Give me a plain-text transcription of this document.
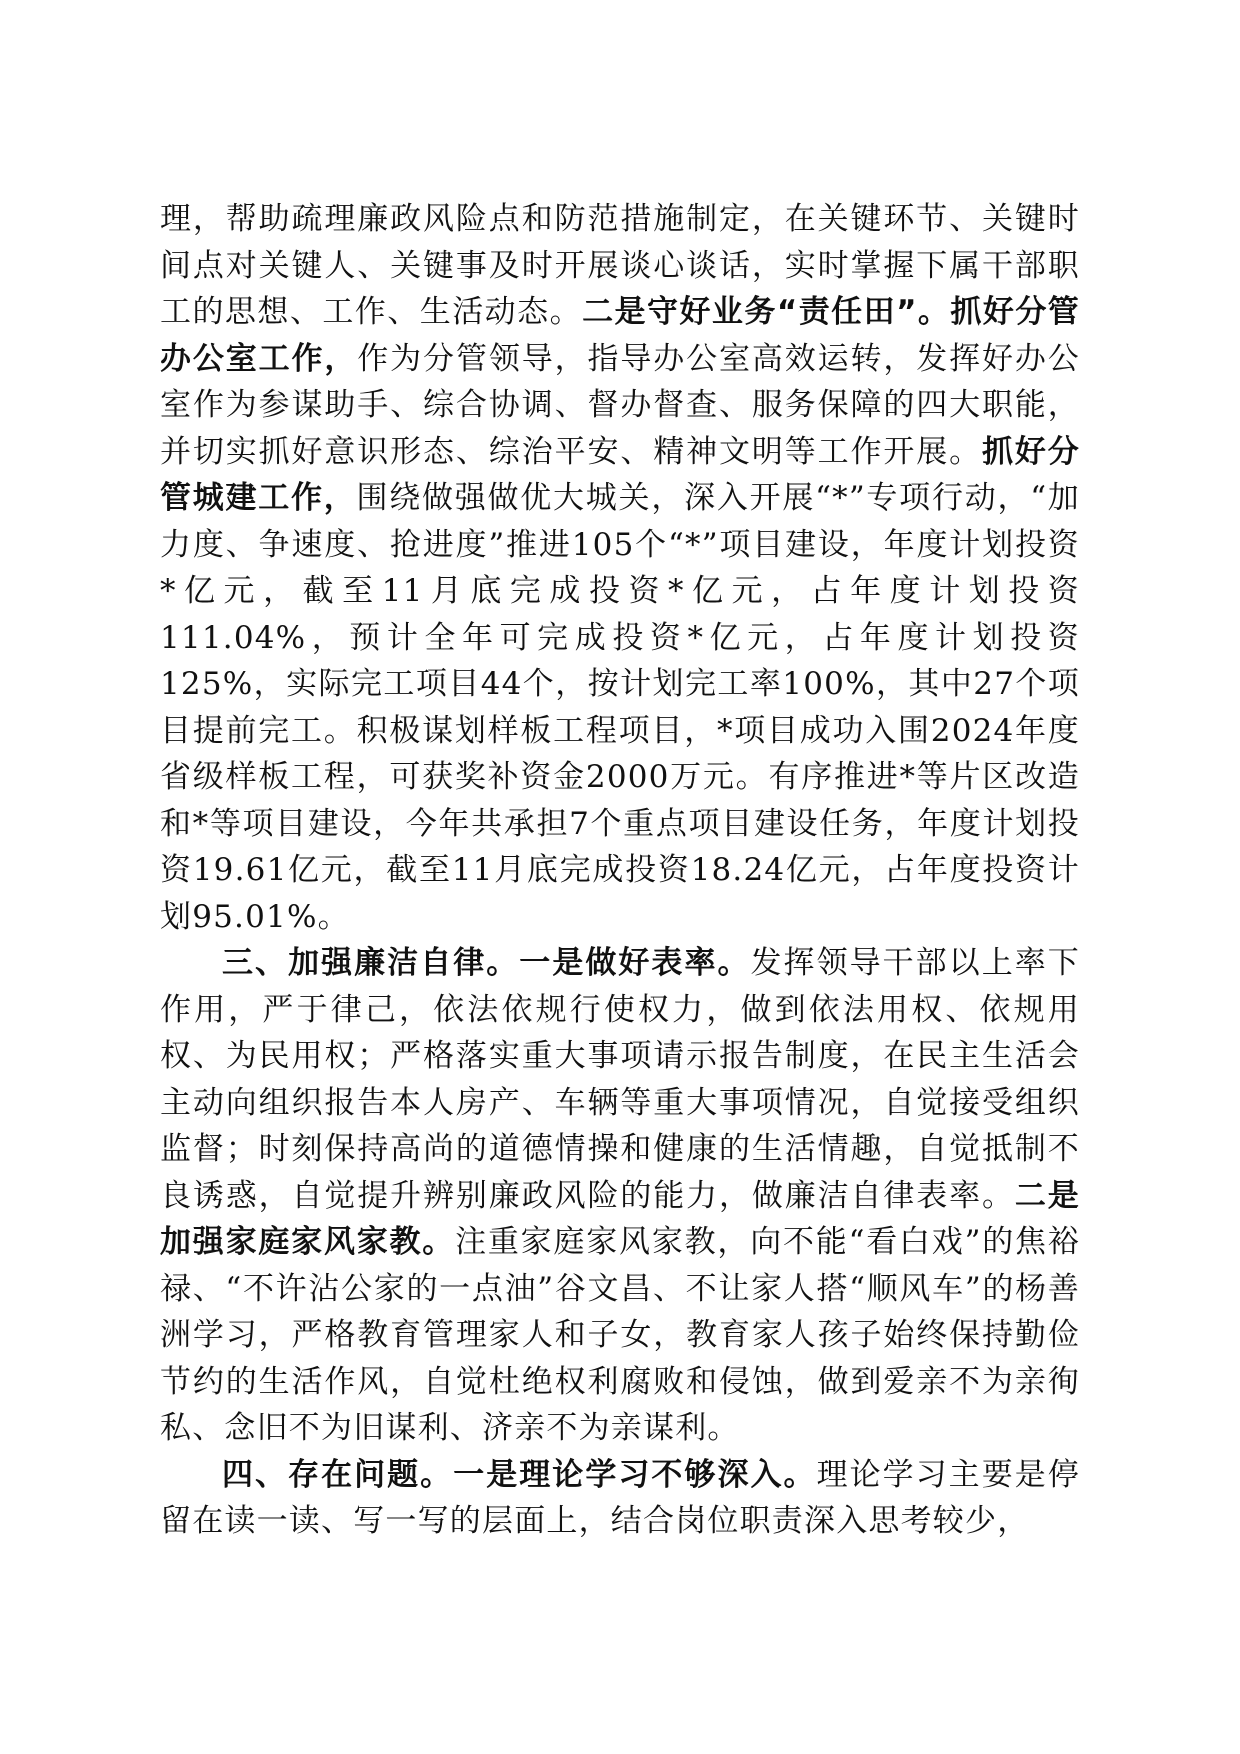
理，帮助疏理廉政风险点和防范措施制定，在关键环节、关键时间点对关键人、关键事及时开展谈心谈话，实时掌握下属干部职工的思想、工作、生活动态。二是守好业务“责任田”。抓好分管办公室工作，作为分管领导，指导办公室高效运转，发挥好办公室作为参谋助手、综合协调、督办督查、服务保障的四大职能，并切实抓好意识形态、综治平安、精神文明等工作开展。抓好分管城建工作，围绕做强做优大城关，深入开展“*”专项行动，“加力度、争速度、抢进度”推进105个“*”项目建设，年度计划投资*亿元，截至11月底完成投资*亿元，占年度计划投资111.04%，预计全年可完成投资*亿元，占年度计划投资125%，实际完工项目44个，按计划完工率100%，其中27个项目提前完工。积极谋划样板工程项目，*项目成功入围2024年度省级样板工程，可获奖补资金2000万元。有序推进*等片区改造和*等项目建设，今年共承担7个重点项目建设任务，年度计划投资19.61亿元，截至11月底完成投资18.24亿元，占年度投资计划95.01%。

三、加强廉洁自律。一是做好表率。发挥领导干部以上率下作用，严于律己，依法依规行使权力，做到依法用权、依规用权、为民用权；严格落实重大事项请示报告制度，在民主生活会主动向组织报告本人房产、车辆等重大事项情况，自觉接受组织监督；时刻保持高尚的道德情操和健康的生活情趣，自觉抵制不良诱惑，自觉提升辨别廉政风险的能力，做廉洁自律表率。二是加强家庭家风家教。注重家庭家风家教，向不能“看白戏”的焦裕禄、“不许沾公家的一点油”谷文昌、不让家人搭“顺风车”的杨善洲学习，严格教育管理家人和子女，教育家人孩子始终保持勤俭节约的生活作风，自觉杜绝权利腐败和侵蚀，做到爱亲不为亲徇私、念旧不为旧谋利、济亲不为亲谋利。

四、存在问题。一是理论学习不够深入。理论学习主要是停留在读一读、写一写的层面上，结合岗位职责深入思考较少，
